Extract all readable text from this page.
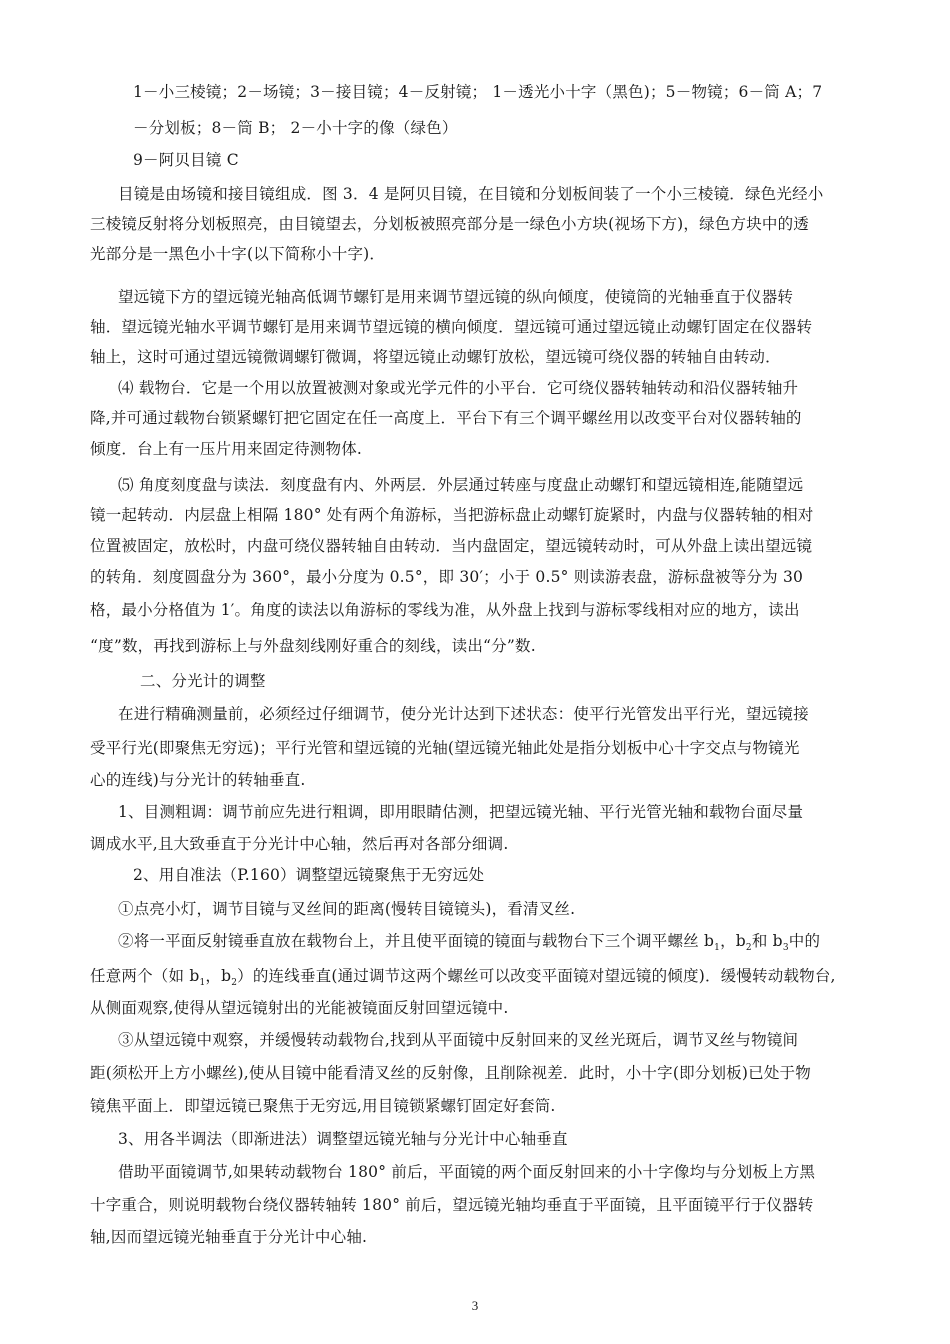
1－小三棱镜；2－场镜；3－接目镜；4－反射镜； 1－透光小十字（黑色)；5－物镜；6－筒 A；7
－分划板；8－筒 B； 2－小十字的像（绿色）
9－阿贝目镜 C
目镜是由场镜和接目镜组成．图 3．4 是阿贝目镜，在目镜和分划板间装了一个小三棱镜．绿色光经小
三棱镜反射将分划板照亮，由目镜望去，分划板被照亮部分是一绿色小方块(视场下方)，绿色方块中的透
光部分是一黑色小十字(以下简称小十字)．
望远镜下方的望远镜光轴高低调节螺钉是用来调节望远镜的纵向倾度，使镜筒的光轴垂直于仪器转
轴．望远镜光轴水平调节螺钉是用来调节望远镜的横向倾度．望远镜可通过望远镜止动螺钉固定在仪器转
轴上，这时可通过望远镜微调螺钉微调，将望远镜止动螺钉放松，望远镜可绕仪器的转轴自由转动．
⑷ 载物台．它是一个用以放置被测对象或光学元件的小平台．它可绕仪器转轴转动和沿仪器转轴升
降,并可通过载物台锁紧螺钉把它固定在任一高度上．平台下有三个调平螺丝用以改变平台对仪器转轴的
倾度．台上有一压片用来固定待测物体.
⑸ 角度刻度盘与读法．刻度盘有内、外两层．外层通过转座与度盘止动螺钉和望远镜相连,能随望远
镜一起转动．内层盘上相隔 180° 处有两个角游标，当把游标盘止动螺钉旋紧时，内盘与仪器转轴的相对
位置被固定，放松时，内盘可绕仪器转轴自由转动．当内盘固定，望远镜转动时，可从外盘上读出望远镜
的转角．刻度圆盘分为 360°，最小分度为 0.5°，即 30′；小于 0.5° 则读游表盘，游标盘被等分为 30
格，最小分格值为 1′。角度的读法以角游标的零线为准，从外盘上找到与游标零线相对应的地方，读出
“度”数，再找到游标上与外盘刻线刚好重合的刻线，读出“分”数.
二、分光计的调整
在进行精确测量前，必须经过仔细调节，使分光计达到下述状态：使平行光管发出平行光，望远镜接
受平行光(即聚焦无穷远)；平行光管和望远镜的光轴(望远镜光轴此处是指分划板中心十字交点与物镜光
心的连线)与分光计的转轴垂直.
1、目测粗调：调节前应先进行粗调，即用眼睛估测，把望远镜光轴、平行光管光轴和载物台面尽量
调成水平,且大致垂直于分光计中心轴，然后再对各部分细调.
2、用自准法（P.160）调整望远镜聚焦于无穷远处
①点亮小灯，调节目镜与叉丝间的距离(慢转目镜镜头)，看清叉丝.
②将一平面反射镜垂直放在载物台上，并且使平面镜的镜面与载物台下三个调平螺丝 $b_1$，$b_2$和 $b_3$中的
任意两个（如 $b_1$，$b_2$）的连线垂直(通过调节这两个螺丝可以改变平面镜对望远镜的倾度)．缓慢转动载物台,
从侧面观察,使得从望远镜射出的光能被镜面反射回望远镜中.
③从望远镜中观察，并缓慢转动载物台,找到从平面镜中反射回来的叉丝光斑后，调节叉丝与物镜间
距(须松开上方小螺丝),使从目镜中能看清叉丝的反射像，且削除视差．此时，小十字(即分划板)已处于物
镜焦平面上．即望远镜已聚焦于无穷远,用目镜锁紧螺钉固定好套筒.
3、用各半调法（即渐进法）调整望远镜光轴与分光计中心轴垂直
借助平面镜调节,如果转动载物台 180° 前后，平面镜的两个面反射回来的小十字像均与分划板上方黑
十字重合，则说明载物台绕仪器转轴转 180° 前后，望远镜光轴均垂直于平面镜，且平面镜平行于仪器转
轴,因而望远镜光轴垂直于分光计中心轴.
3
